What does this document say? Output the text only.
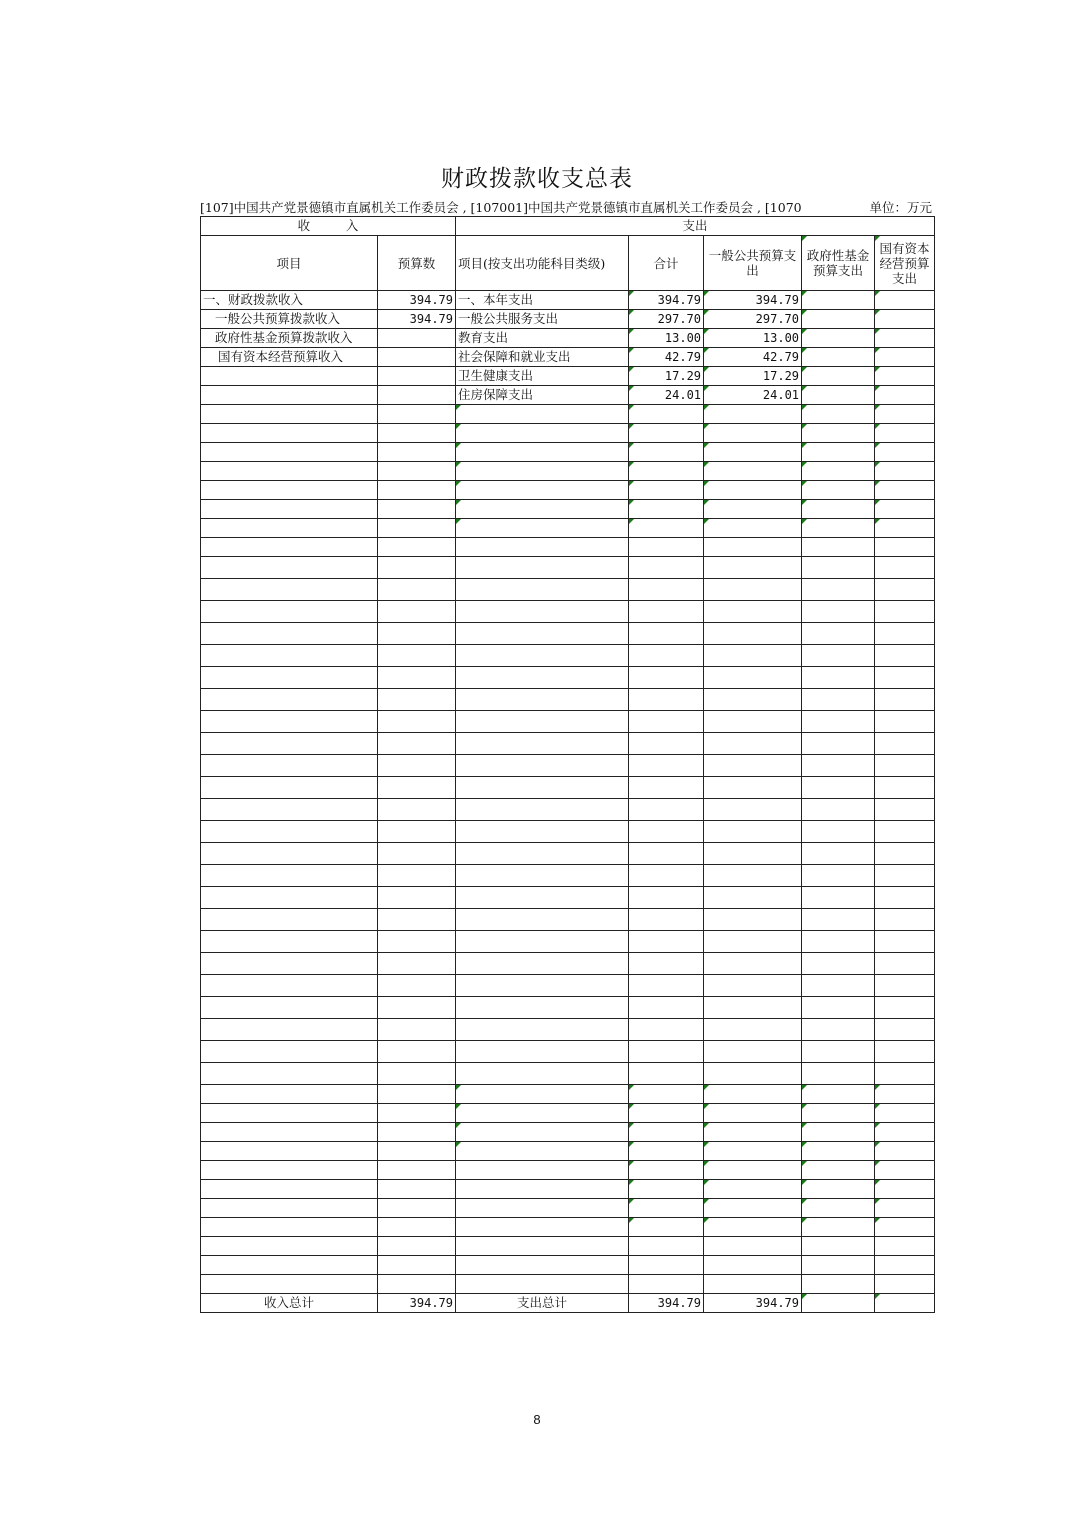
财政拨款收支总表
[107]中国共产党景德镇市直属机关工作委员会 , [107001]中国共产党景德镇市直属机关工作委员会 , [1070	单位：万元
收         入		支出				
项目	预算数	项目(按支出功能科目类级)	合计	一般公共预算支出	政府性基金预算支出	国有资本经营预算支出
一、财政拨款收入	394.79	一、本年支出	394.79	394.79		
一般公共预算拨款收入	394.79	一般公共服务支出	297.70	297.70		
政府性基金预算拨款收入		教育支出	13.00	13.00		
国有资本经营预算收入		社会保障和就业支出	42.79	42.79		
		卫生健康支出	17.29	17.29		
		住房保障支出	24.01	24.01		

收入总计	394.79	支出总计	394.79	394.79		
8
